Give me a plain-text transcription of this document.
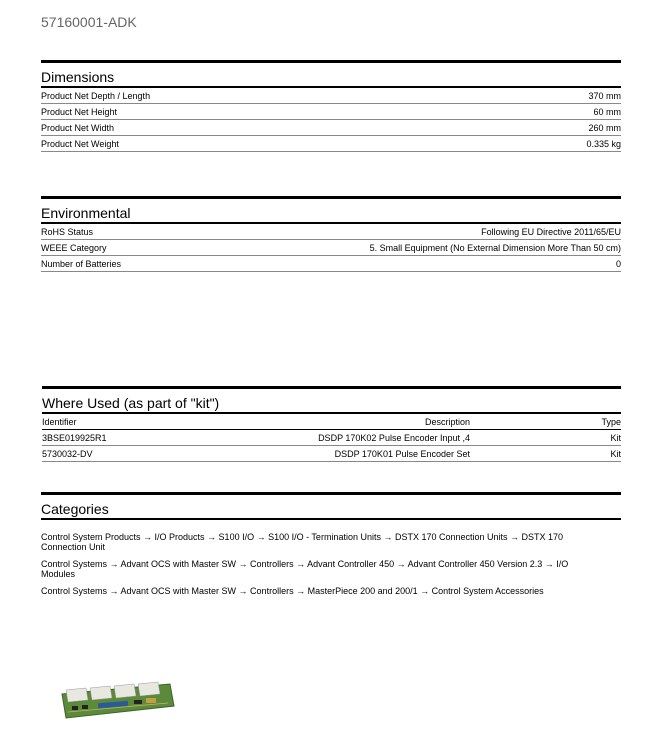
57160001-ADK
Dimensions
Product Net Depth / Length	370 mm
Product Net Height	60 mm
Product Net Width	260 mm
Product Net Weight	0.335 kg
Environmental
RoHS Status	Following EU Directive 2011/65/EU
WEEE Category	5. Small Equipment (No External Dimension More Than 50 cm)
Number of Batteries	0
Where Used (as part of "kit")
Identifier	Description	Type
3BSE019925R1	DSDP 170K02 Pulse Encoder Input ,4	Kit
5730032-DV	DSDP 170K01 Pulse Encoder Set	Kit
Categories
Control System Products → I/O Products → S100 I/O → S100 I/O - Termination Units → DSTX 170 Connection Units → DSTX 170 Connection Unit
Control Systems → Advant OCS with Master SW → Controllers → Advant Controller 450 → Advant Controller 450 Version 2.3 → I/O Modules
Control Systems → Advant OCS with Master SW → Controllers → MasterPiece 200 and 200/1 → Control System Accessories
